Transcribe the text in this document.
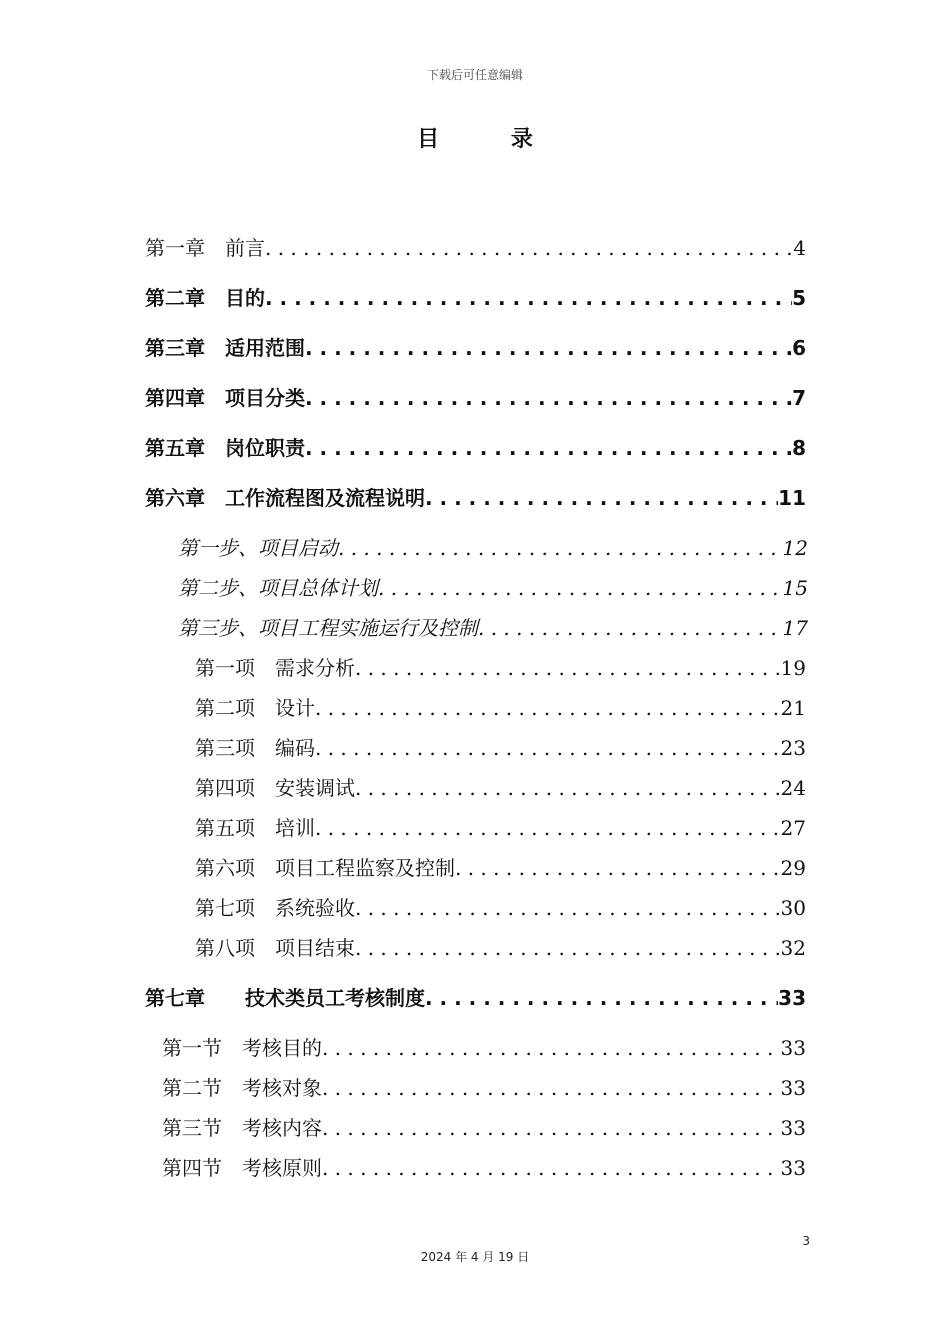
下载后可任意编辑
目 录
第一章　前言 . . .	4
第二章　目的 . . .	5
第三章　适用范围 . . .	6
第四章　项目分类 . . .	7
第五章　岗位职责 . . .	8
第六章　工作流程图及流程说明 . . .	11
第一步、项目启动 . . .	12
第二步、项目总体计划 . . .	15
第三步、项目工程实施运行及控制 . . .	17
第一项　需求分析 . . .	19
第二项　设计 . . .	21
第三项　编码 . . .	23
第四项　安装调试 . . .	24
第五项　培训 . . .	27
第六项　项目工程监察及控制 . . .	29
第七项　系统验收 . . .	30
第八项　项目结束 . . .	32
第七章　　技术类员工考核制度 . . .	33
第一节　考核目的 . . .	33
第二节　考核对象 . . .	33
第三节　考核内容 . . .	33
第四节　考核原则 . . .	33
3
2024 年 4 月 19 日
